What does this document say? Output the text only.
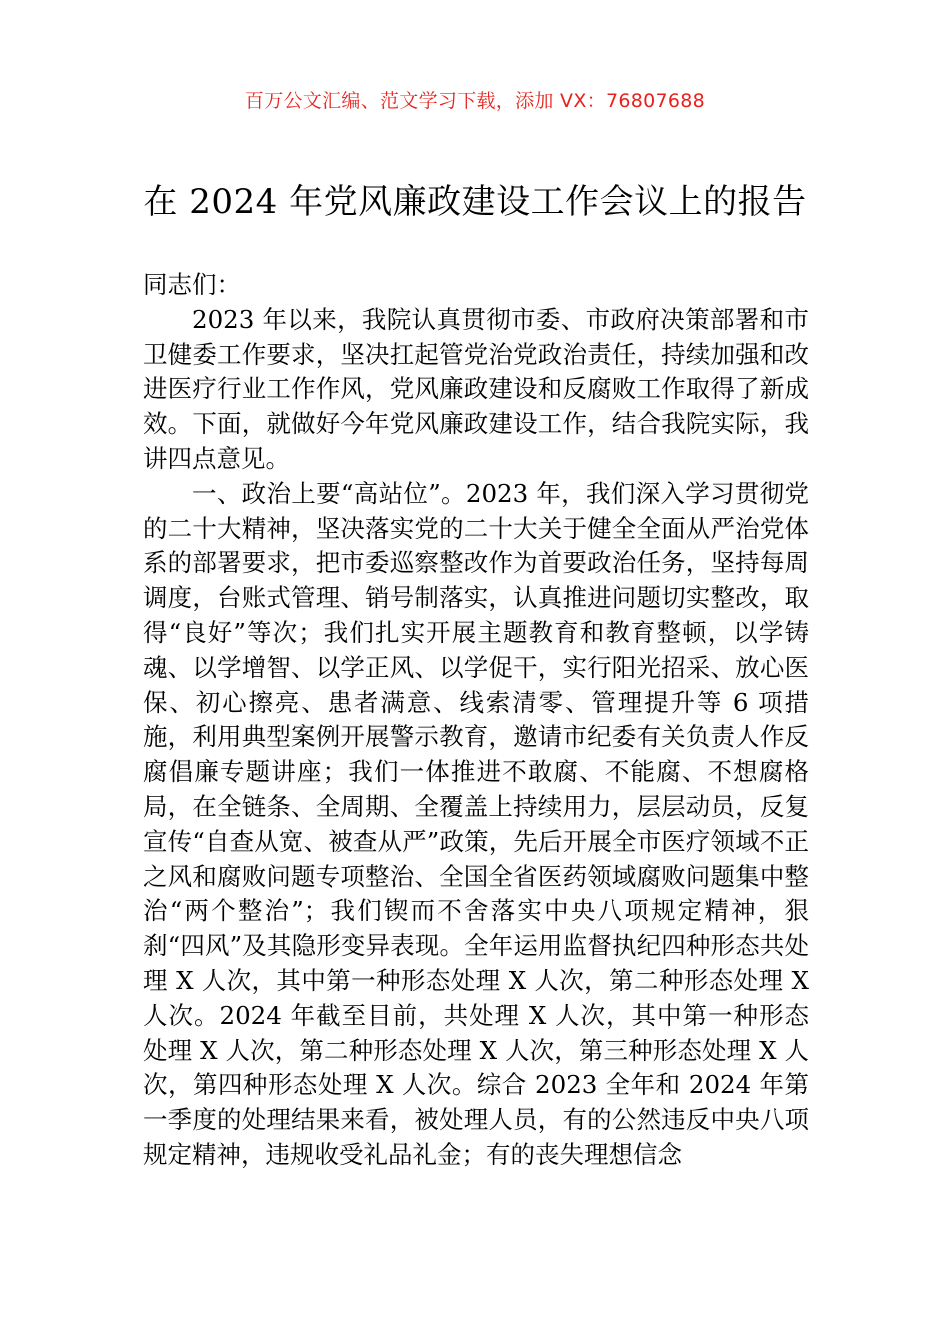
百万公文汇编、范文学习下载，添加 VX：76807688
在 2024 年党风廉政建设工作会议上的报告

同志们：

2023 年以来，我院认真贯彻市委、市政府决策部署和市卫健委工作要求，坚决扛起管党治党政治责任，持续加强和改进医疗行业工作作风，党风廉政建设和反腐败工作取得了新成效。下面，就做好今年党风廉政建设工作，结合我院实际，我讲四点意见。

一、政治上要“高站位”。2023 年，我们深入学习贯彻党的二十大精神，坚决落实党的二十大关于健全全面从严治党体系的部署要求，把市委巡察整改作为首要政治任务，坚持每周调度，台账式管理、销号制落实，认真推进问题切实整改，取得“良好”等次；我们扎实开展主题教育和教育整顿，以学铸魂、以学增智、以学正风、以学促干，实行阳光招采、放心医保、初心擦亮、患者满意、线索清零、管理提升等 6 项措施，利用典型案例开展警示教育，邀请市纪委有关负责人作反腐倡廉专题讲座；我们一体推进不敢腐、不能腐、不想腐格局，在全链条、全周期、全覆盖上持续用力，层层动员，反复宣传“自查从宽、被查从严”政策，先后开展全市医疗领域不正之风和腐败问题专项整治、全国全省医药领域腐败问题集中整治“两个整治”；我们锲而不舍落实中央八项规定精神，狠刹“四风”及其隐形变异表现。全年运用监督执纪四种形态共处理 X 人次，其中第一种形态处理 X 人次，第二种形态处理 X 人次。2024 年截至目前，共处理 X 人次，其中第一种形态处理 X 人次，第二种形态处理 X 人次，第三种形态处理 X 人次，第四种形态处理 X 人次。综合 2023 全年和 2024 年第一季度的处理结果来看，被处理人员，有的公然违反中央八项规定精神，违规收受礼品礼金；有的丧失理想信念
